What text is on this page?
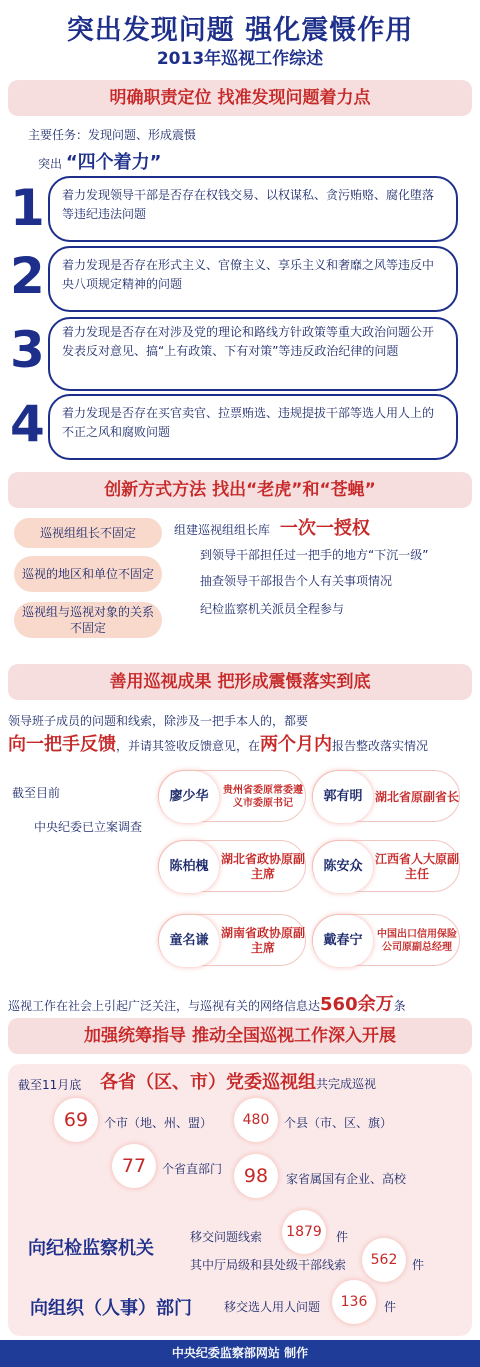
突出发现问题 强化震慑作用
2013年巡视工作综述
明确职责定位 找准发现问题着力点
主要任务：发现问题、形成震慑
突出 “四个着力”
1	着力发现领导干部是否存在权钱交易、以权谋私、贪污贿赂、腐化堕落等违纪违法问题
2	着力发现是否存在形式主义、官僚主义、享乐主义和奢靡之风等违反中央八项规定精神的问题
3	着力发现是否存在对涉及党的理论和路线方针政策等重大政治问题公开发表反对意见、搞“上有政策、下有对策”等违反政治纪律的问题
4	着力发现是否存在买官卖官、拉票贿选、违规提拔干部等选人用人上的不正之风和腐败问题
创新方式方法 找出“老虎”和“苍蝇”
巡视组组长不固定
巡视的地区和单位不固定
巡视组与巡视对象的关系不固定
组建巡视组组长库 一次一授权
到领导干部担任过一把手的地方“下沉一级”
抽查领导干部报告个人有关事项情况
纪检监察机关派员全程参与
善用巡视成果 把形成震慑落实到底
领导班子成员的问题和线索，除涉及一把手本人的，都要
向一把手反馈，并请其签收反馈意见，在两个月内报告整改落实情况
截至目前
中央纪委已立案调查
廖少华	贵州省委原常委遵义市委原书记	郭有明	湖北省原副省长
陈柏槐	湖北省政协原副主席	陈安众	江西省人大原副主任
童名谦	湖南省政协原副主席	戴春宁	中国出口信用保险公司原副总经理
巡视工作在社会上引起广泛关注，与巡视有关的网络信息达560余万条
加强统筹指导 推动全国巡视工作深入开展
截至11月底 各省（区、市）党委巡视组共完成巡视
69	个市（地、州、盟）	480	个县（市、区、旗）
77	个省直部门	98	家省属国有企业、高校
向纪检监察机关
移交问题线索 1879	件
其中厅局级和县处级干部线索	562	件
向组织（人事）部门	移交选人用人问题	136	件
中央纪委监察部网站 制作
